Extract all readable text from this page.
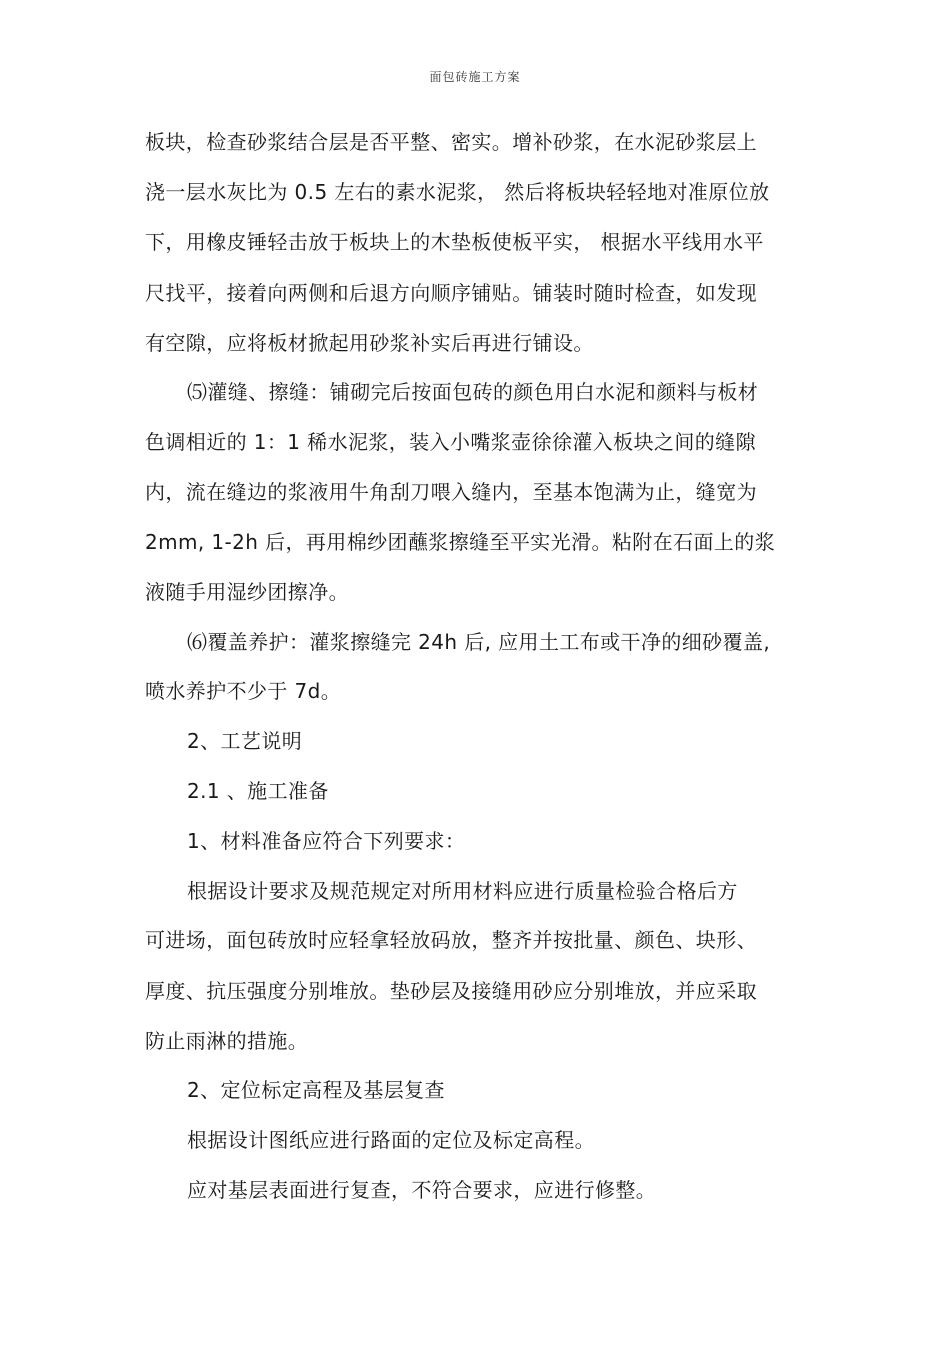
面包砖施工方案
板块，检查砂浆结合层是否平整、密实。增补砂浆，在水泥砂浆层上
浇一层水灰比为 0.5 左右的素水泥浆， 然后将板块轻轻地对准原位放
下，用橡皮锤轻击放于板块上的木垫板使板平实， 根据水平线用水平
尺找平，接着向两侧和后退方向顺序铺贴。铺装时随时检查，如发现
有空隙，应将板材掀起用砂浆补实后再进行铺设。
⑸灌缝、擦缝：铺砌完后按面包砖的颜色用白水泥和颜料与板材
色调相近的 1：1 稀水泥浆，装入小嘴浆壶徐徐灌入板块之间的缝隙
内，流在缝边的浆液用牛角刮刀喂入缝内，至基本饱满为止，缝宽为
2mm, 1-2h 后，再用棉纱团蘸浆擦缝至平实光滑。粘附在石面上的浆
液随手用湿纱团擦净。
⑹覆盖养护：灌浆擦缝完 24h 后, 应用土工布或干净的细砂覆盖,
喷水养护不少于 7d。
2、工艺说明
2.1 、施工准备
1、材料准备应符合下列要求：
根据设计要求及规范规定对所用材料应进行质量检验合格后方
可进场，面包砖放时应轻拿轻放码放，整齐并按批量、颜色、块形、
厚度、抗压强度分别堆放。垫砂层及接缝用砂应分别堆放，并应采取
防止雨淋的措施。
2、定位标定高程及基层复查
根据设计图纸应进行路面的定位及标定高程。
应对基层表面进行复查，不符合要求，应进行修整。
